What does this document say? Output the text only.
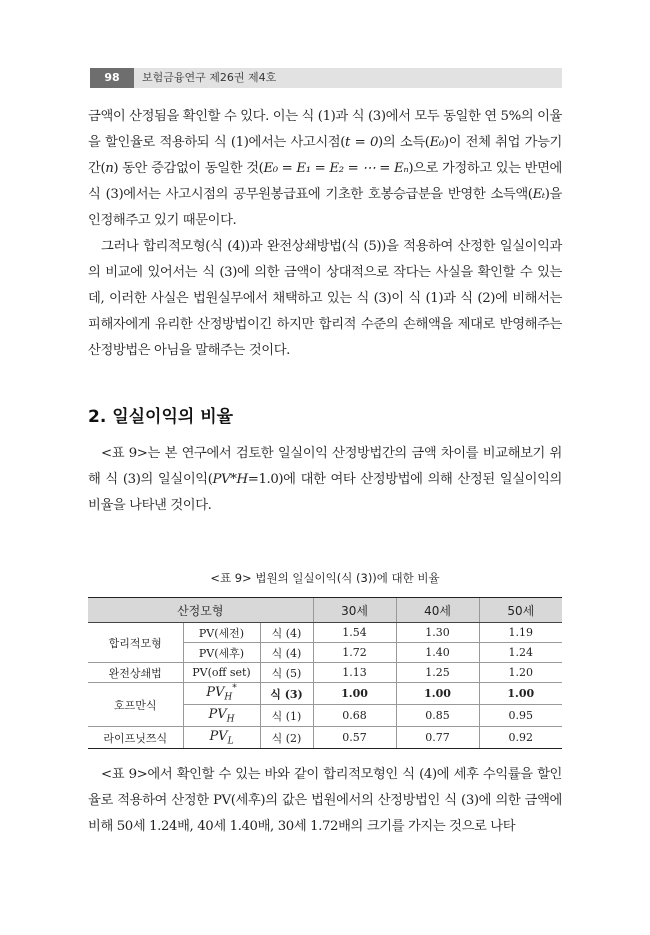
98	보험금융연구 제26권 제4호

금액이 산정됨을 확인할 수 있다. 이는 식 (1)과 식 (3)에서 모두 동일한 연 5%의 이율을 할인율로 적용하되 식 (1)에서는 사고시점(t = 0)의 소득(E₀)이 전체 취업 가능기간(n) 동안 증감없이 동일한 것(E₀ = E₁ = E₂ = ⋯ = Eₙ)으로 가정하고 있는 반면에 식 (3)에서는 사고시점의 공무원봉급표에 기초한 호봉승급분을 반영한 소득액(Eₜ)을 인정해주고 있기 때문이다.

그러나 합리적모형(식 (4))과 완전상쇄방법(식 (5))을 적용하여 산정한 일실이익과의 비교에 있어서는 식 (3)에 의한 금액이 상대적으로 작다는 사실을 확인할 수 있는데, 이러한 사실은 법원실무에서 채택하고 있는 식 (3)이 식 (1)과 식 (2)에 비해서는 피해자에게 유리한 산정방법이긴 하지만 합리적 수준의 손해액을 제대로 반영해주는 산정방법은 아님을 말해주는 것이다.

2. 일실이익의 비율

<표 9>는 본 연구에서 검토한 일실이익 산정방법간의 금액 차이를 비교해보기 위해 식 (3)의 일실이익(PV*H=1.0)에 대한 여타 산정방법에 의해 산정된 일실이익의 비율을 나타낸 것이다.

<표 9> 법원의 일실이익(식 (3))에 대한 비율
산정모형			30세	40세	50세
합리적모형	PV(세전)	식 (4)	1.54	1.30	1.19
	PV(세후)	식 (4)	1.72	1.40	1.24
완전상쇄법	PV(off set)	식 (5)	1.13	1.25	1.20
호프만식	$PV_H^*$	식 (3)	1.00	1.00	1.00
	$PV_H$	식 (1)	0.68	0.85	0.95
라이프닛쯔식	$PV_L$	식 (2)	0.57	0.77	0.92

<표 9>에서 확인할 수 있는 바와 같이 합리적모형인 식 (4)에 세후 수익률을 할인율로 적용하여 산정한 PV(세후)의 값은 법원에서의 산정방법인 식 (3)에 의한 금액에 비해 50세 1.24배, 40세 1.40배, 30세 1.72배의 크기를 가지는 것으로 나타
